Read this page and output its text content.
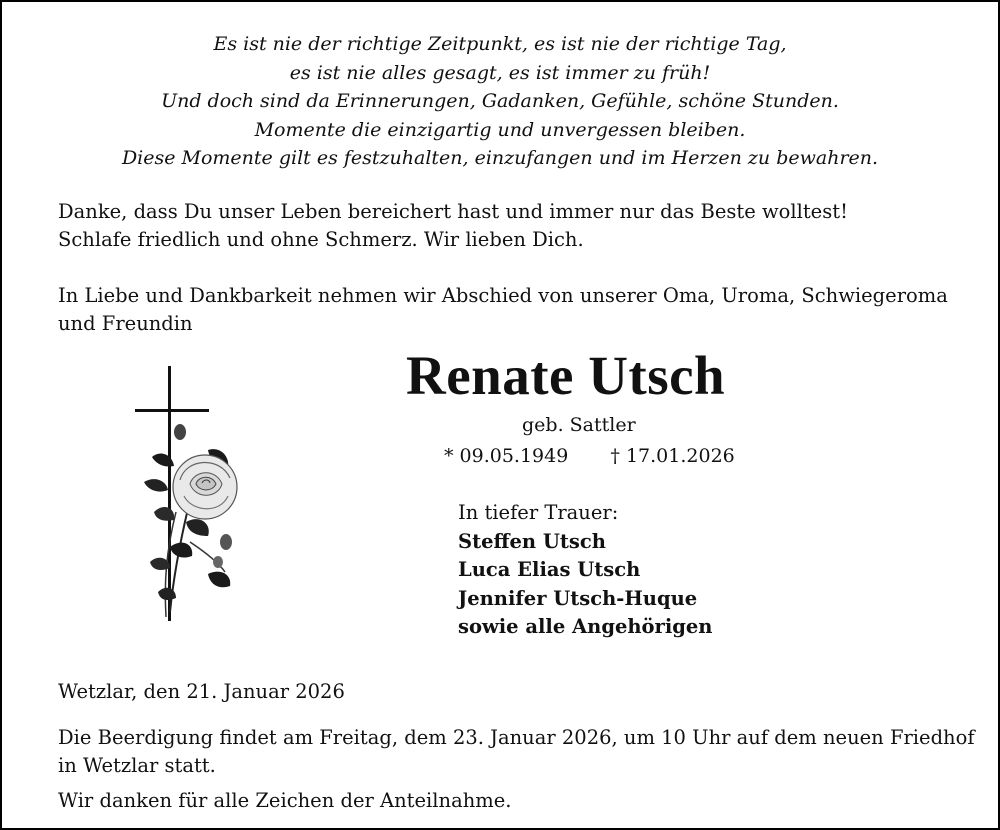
Es ist nie der richtige Zeitpunkt, es ist nie der richtige Tag,
es ist nie alles gesagt, es ist immer zu früh!
Und doch sind da Erinnerungen, Gadanken, Gefühle, schöne Stunden.
Momente die einzigartig und unvergessen bleiben.
Diese Momente gilt es festzuhalten, einzufangen und im Herzen zu bewahren.
Danke, dass Du unser Leben bereichert hast und immer nur das Beste wolltest!
Schlafe friedlich und ohne Schmerz. Wir lieben Dich.
In Liebe und Dankbarkeit nehmen wir Abschied von unserer Oma, Uroma, Schwiegeroma
und Freundin
Renate Utsch
geb. Sattler
* 09.05.1949 † 17.01.2026
In tiefer Trauer:
Steffen Utsch
Luca Elias Utsch
Jennifer Utsch-Huque
sowie alle Angehörigen
Wetzlar, den 21. Januar 2026
Die Beerdigung findet am Freitag, dem 23. Januar 2026, um 10 Uhr auf dem neuen Friedhof
in Wetzlar statt.
Wir danken für alle Zeichen der Anteilnahme.
